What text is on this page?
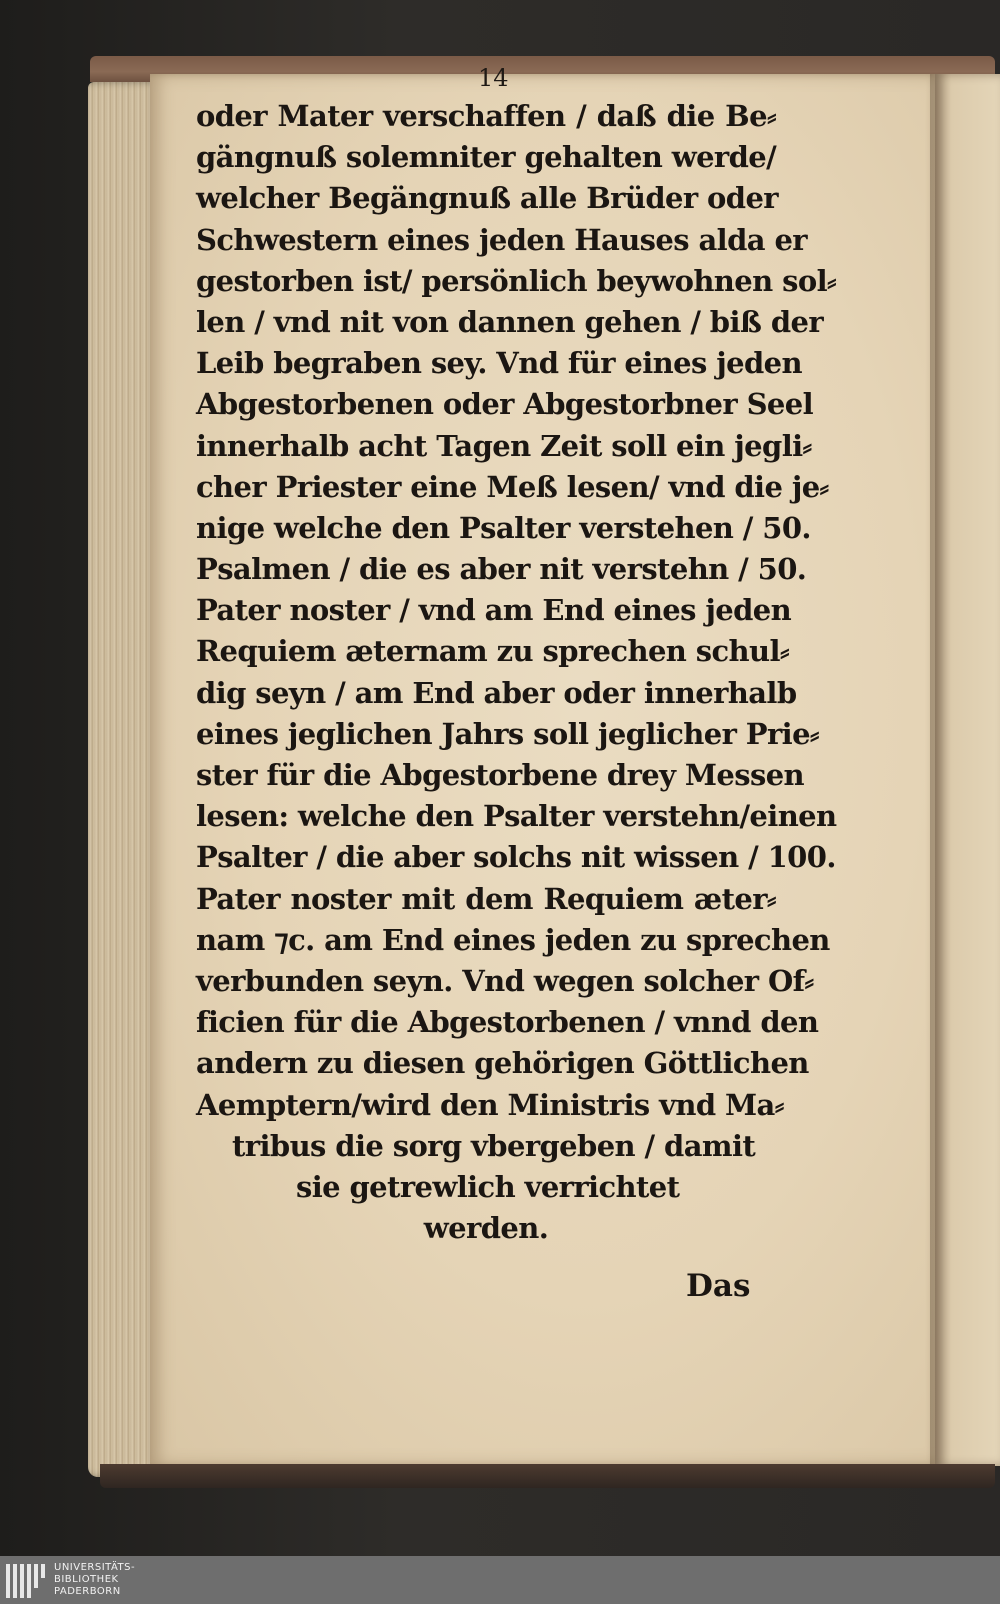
14
oder Mater verschaffen / daß die Be⸗
gängnuß solemniter gehalten werde/
welcher Begängnuß alle Brüder oder
Schwestern eines jeden Hauses alda er
gestorben ist/ persönlich beywohnen sol⸗
len / vnd nit von dannen gehen / biß der
Leib begraben sey. Vnd für eines jeden
Abgestorbenen oder Abgestorbner Seel
innerhalb acht Tagen Zeit soll ein jegli⸗
cher Priester eine Meß lesen/ vnd die je⸗
nige welche den Psalter verstehen / 50.
Psalmen / die es aber nit verstehn / 50.
Pater noster / vnd am End eines jeden
Requiem æternam zu sprechen schul⸗
dig seyn / am End aber oder innerhalb
eines jeglichen Jahrs soll jeglicher Prie⸗
ster für die Abgestorbene drey Messen
lesen: welche den Psalter verstehn/einen
Psalter / die aber solchs nit wissen / 100.
Pater noster mit dem Requiem æter⸗
nam ⁊c. am End eines jeden zu sprechen
verbunden seyn. Vnd wegen solcher Of⸗
ficien für die Abgestorbenen / vnnd den
andern zu diesen gehörigen Göttlichen
Aemptern/wird den Ministris vnd Ma⸗
tribus die sorg vbergeben / damit
sie getrewlich verrichtet
werden.
Das
UNIVERSITÄTS-
BIBLIOTHEK
PADERBORN
